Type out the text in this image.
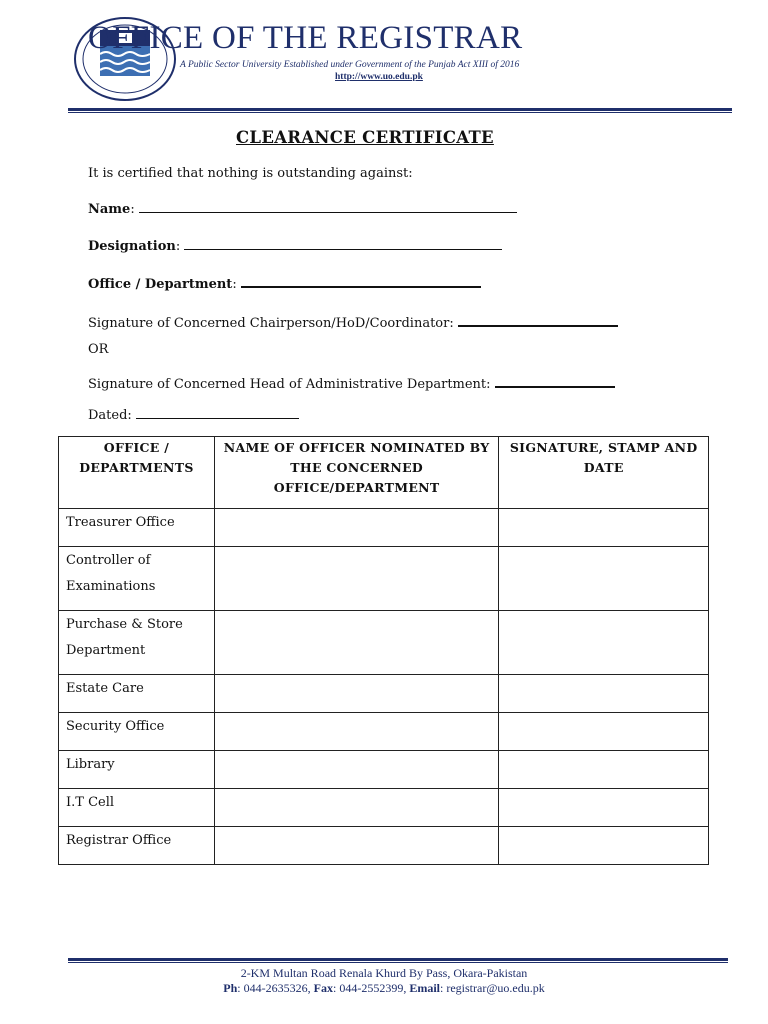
OFFICE OF THE REGISTRAR
A Public Sector University Established under Government of the Punjab Act XIII of 2016
http://www.uo.edu.pk
CLEARANCE CERTIFICATE
It is certified that nothing is outstanding against:
Name:
Designation:
Office / Department:
Signature of Concerned Chairperson/HoD/Coordinator:
OR
Signature of Concerned Head of Administrative Department:
Dated:
OFFICE / DEPARTMENTS	NAME OF OFFICER NOMINATED BY THE CONCERNED OFFICE/DEPARTMENT	SIGNATURE, STAMP AND DATE
Treasurer Office		
Controller of Examinations		
Purchase & Store Department		
Estate Care		
Security Office		
Library		
I.T Cell		
Registrar Office		
2-KM Multan Road Renala Khurd By Pass, Okara-Pakistan
Ph: 044-2635326, Fax: 044-2552399, Email: registrar@uo.edu.pk
